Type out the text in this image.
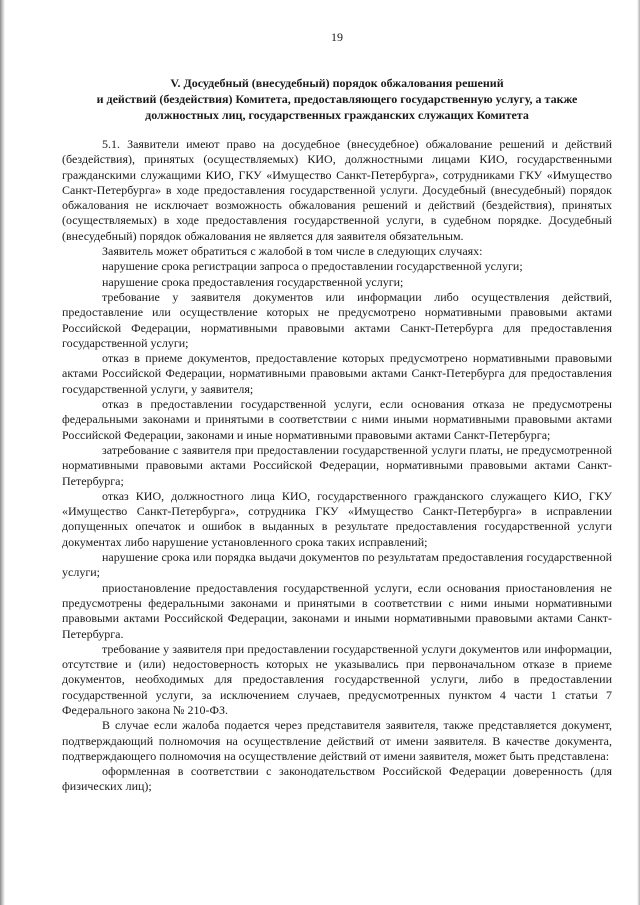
19
V. Досудебный (внесудебный) порядок обжалования решений
и действий (бездействия) Комитета, предоставляющего государственную услугу, а также
должностных лиц, государственных гражданских служащих Комитета

5.1. Заявители имеют право на досудебное (внесудебное) обжалование решений и действий (бездействия), принятых (осуществляемых) КИО, должностными лицами КИО, государственными гражданскими служащими КИО, ГКУ «Имущество Санкт-Петербурга», сотрудниками ГКУ «Имущество Санкт-Петербурга» в ходе предоставления государственной услуги. Досудебный (внесудебный) порядок обжалования не исключает возможность обжалования решений и действий (бездействия), принятых (осуществляемых) в ходе предоставления государственной услуги, в судебном порядке. Досудебный (внесудебный) порядок обжалования не является для заявителя обязательным.

Заявитель может обратиться с жалобой в том числе в следующих случаях:

нарушение срока регистрации запроса о предоставлении государственной услуги;

нарушение срока предоставления государственной услуги;

требование у заявителя документов или информации либо осуществления действий, предоставление или осуществление которых не предусмотрено нормативными правовыми актами Российской Федерации, нормативными правовыми актами Санкт-Петербурга для предоставления государственной услуги;

отказ в приеме документов, предоставление которых предусмотрено нормативными правовыми актами Российской Федерации, нормативными правовыми актами Санкт-Петербурга для предоставления государственной услуги, у заявителя;

отказ в предоставлении государственной услуги, если основания отказа не предусмотрены федеральными законами и принятыми в соответствии с ними иными нормативными правовыми актами Российской Федерации, законами и иные нормативными правовыми актами Санкт-Петербурга;

затребование с заявителя при предоставлении государственной услуги платы, не предусмотренной нормативными правовыми актами Российской Федерации, нормативными правовыми актами Санкт-Петербурга;

отказ КИО, должностного лица КИО, государственного гражданского служащего КИО, ГКУ «Имущество Санкт-Петербурга», сотрудника ГКУ «Имущество Санкт-Петербурга» в исправлении допущенных опечаток и ошибок в выданных в результате предоставления государственной услуги документах либо нарушение установленного срока таких исправлений;

нарушение срока или порядка выдачи документов по результатам предоставления государственной услуги;

приостановление предоставления государственной услуги, если основания приостановления не предусмотрены федеральными законами и принятыми в соответствии с ними иными нормативными правовыми актами Российской Федерации, законами и иными нормативными правовыми актами Санкт-Петербурга.

требование у заявителя при предоставлении государственной услуги документов или информации, отсутствие и (или) недостоверность которых не указывались при первоначальном отказе в приеме документов, необходимых для предоставления государственной услуги, либо в предоставлении государственной услуги, за исключением случаев, предусмотренных пунктом 4 части 1 статьи 7 Федерального закона № 210-ФЗ.

В случае если жалоба подается через представителя заявителя, также представляется документ, подтверждающий полномочия на осуществление действий от имени заявителя. В качестве документа, подтверждающего полномочия на осуществление действий от имени заявителя, может быть представлена:

оформленная в соответствии с законодательством Российской Федерации доверенность (для физических лиц);
